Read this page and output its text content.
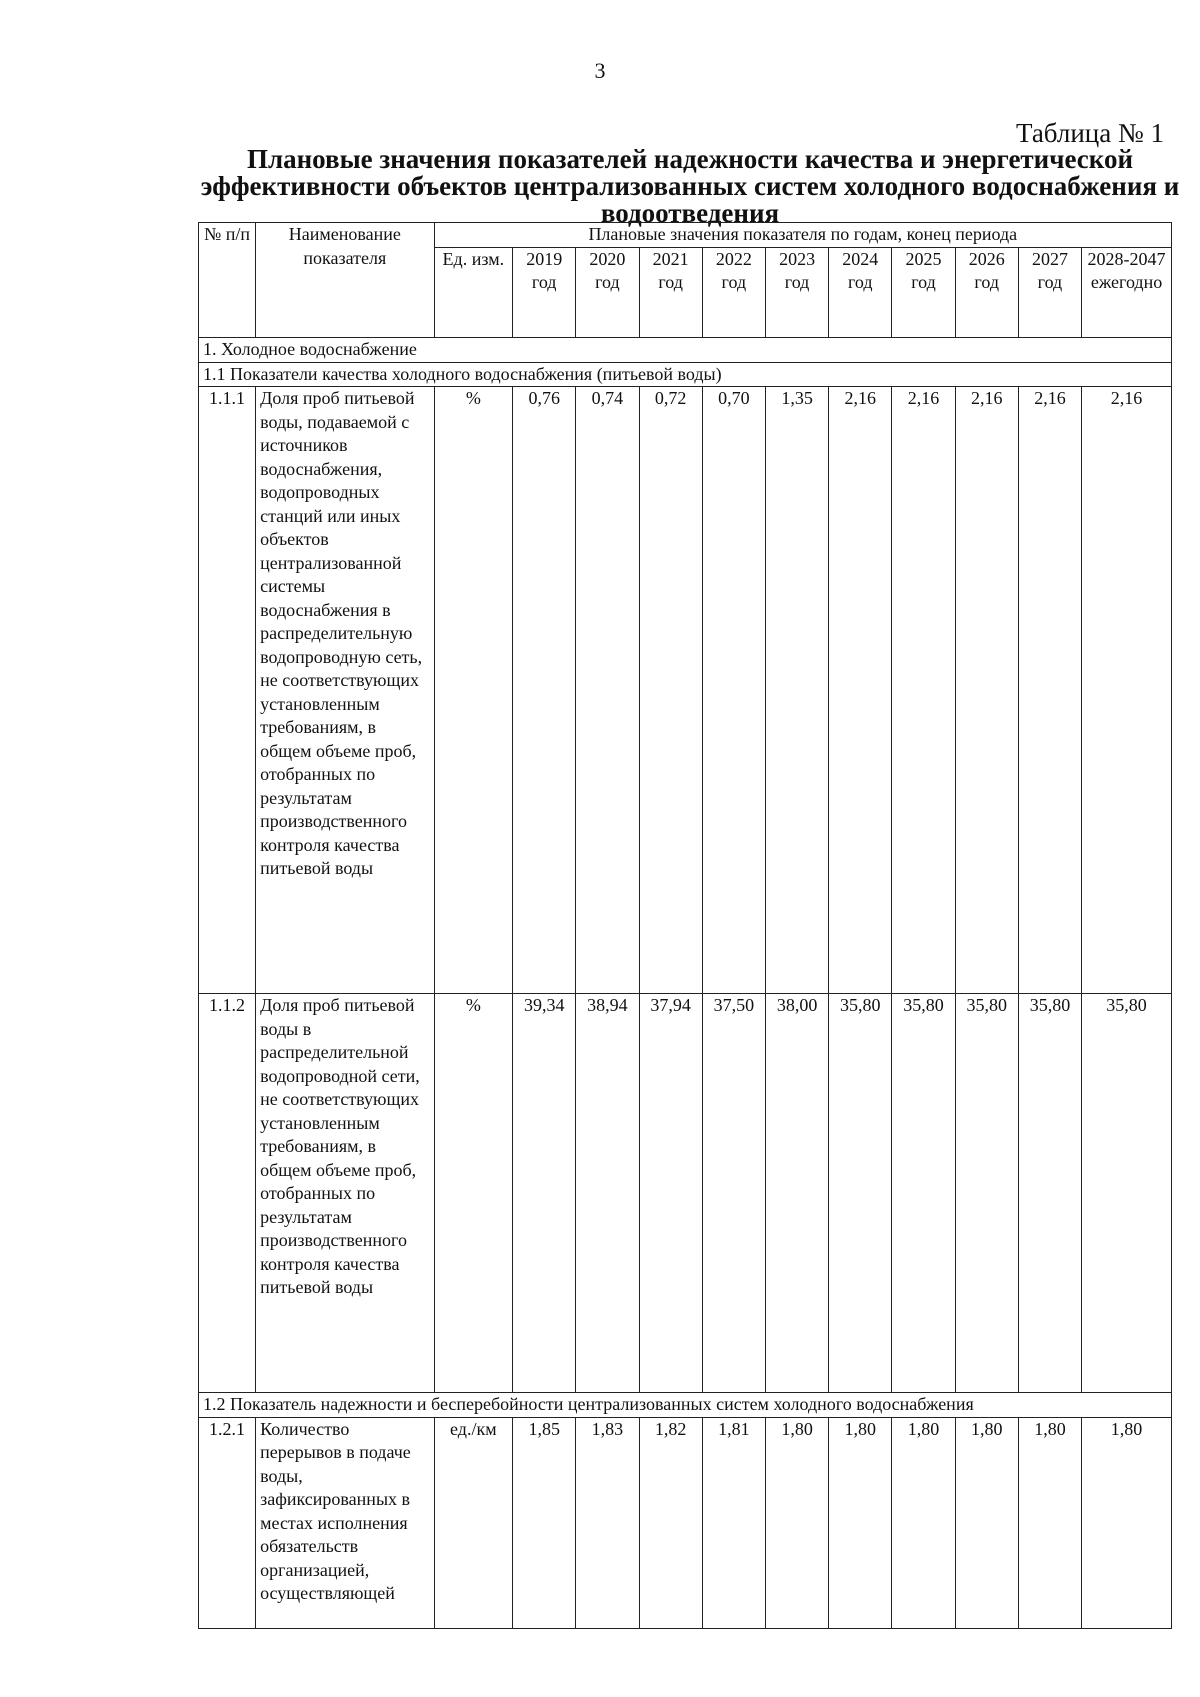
3
Таблица № 1
Плановые значения показателей надежности качества и энергетической эффективности объектов централизованных систем холодного водоснабжения и водоотведения
№ п/п	Наименование показателя	Плановые значения показателя по годам, конец периода										
		Ед. изм.	2019 год	2020 год	2021 год	2022 год	2023 год	2024 год	2025 год	2026 год	2027 год	2028-2047 ежегодно
1. Холодное водоснабжение												
1.1 Показатели качества холодного водоснабжения (питьевой воды)												
1.1.1	Доля проб питьевой воды, подаваемой с источников водоснабжения, водопроводных станций или иных объектов централизованной системы водоснабжения в распределительную водопроводную сеть, не соответствующих установленным требованиям, в общем объеме проб, отобранных по результатам производственного контроля качества питьевой воды	%	0,76	0,74	0,72	0,70	1,35	2,16	2,16	2,16	2,16	2,16
1.1.2	Доля проб питьевой воды в распределительной водопроводной сети, не соответствующих установленным требованиям, в общем объеме проб, отобранных по результатам производственного контроля качества питьевой воды	%	39,34	38,94	37,94	37,50	38,00	35,80	35,80	35,80	35,80	35,80
1.2 Показатель надежности и бесперебойности централизованных систем холодного водоснабжения												
1.2.1	Количество перерывов в подаче воды, зафиксированных в местах исполнения обязательств организацией, осуществляющей	ед./км	1,85	1,83	1,82	1,81	1,80	1,80	1,80	1,80	1,80	1,80
